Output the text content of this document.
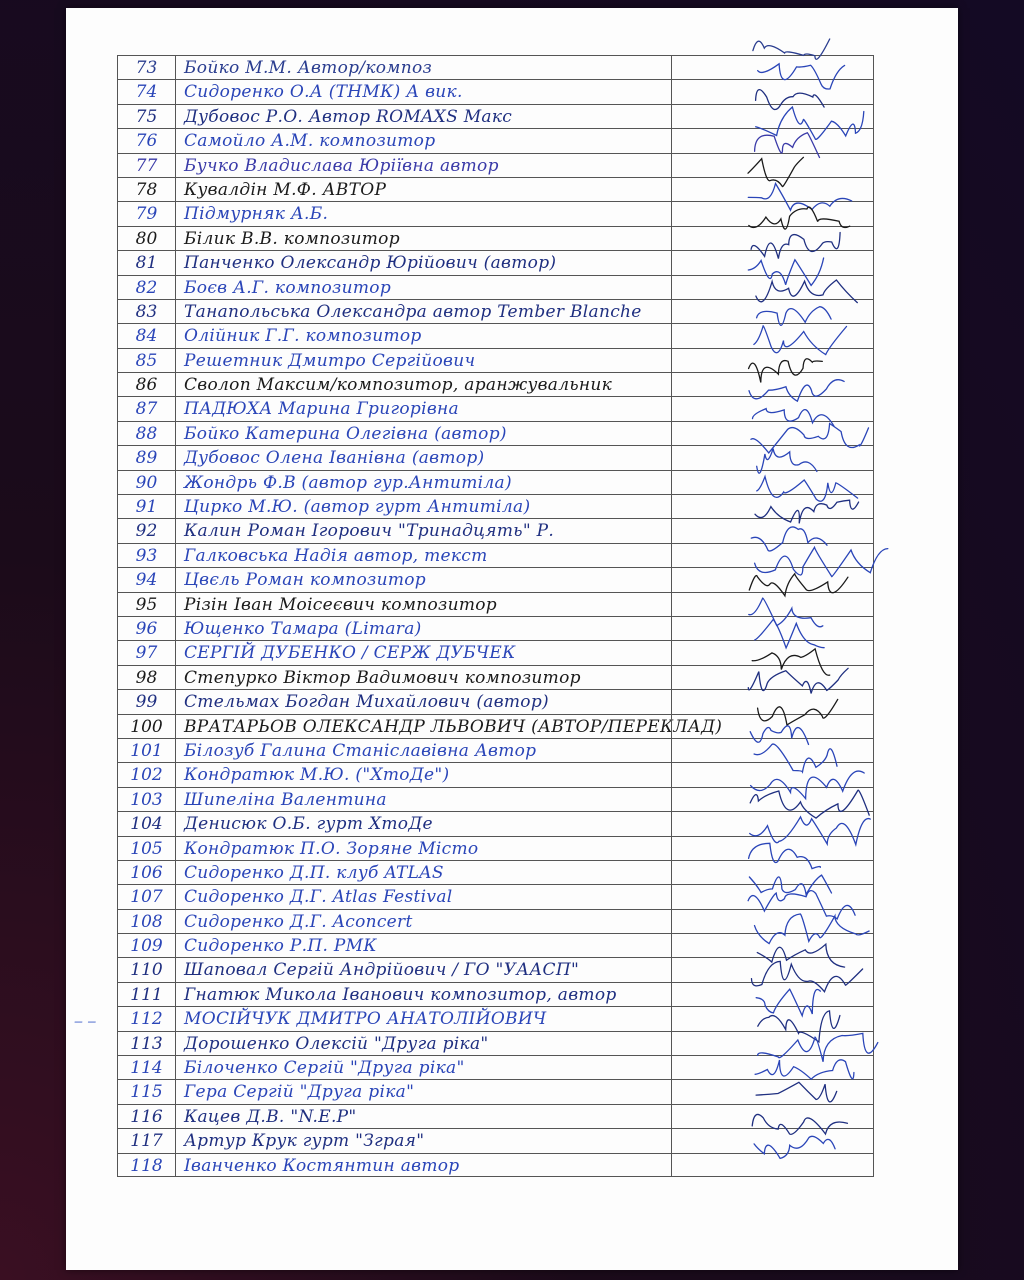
73	Бойко М.М. Автор/композ
74	Сидоренко О.А (ТНМК) А вик.
75	Дубовос Р.О. Автор ROMAXS Макс
76	Самойло А.М. композитор
77	Бучко Владислава Юріївна автор
78	Кувалдін М.Ф. АВТОР
79	Підмурняк А.Б.
80	Білик В.В. композитор
81	Панченко Олександр Юрійович (автор)
82	Боєв А.Г. композитор
83	Танапольська Олександра автор Tember Blanche
84	Олійник Г.Г. композитор
85	Решетник Дмитро Сергійович
86	Сволоп Максим/композитор, аранжувальник
87	ПАДЮХА Марина Григорівна
88	Бойко Катерина Олегівна (автор)
89	Дубовос Олена Іванівна (автор)
90	Жондрь Ф.В (автор гур.Антитіла)
91	Цирко М.Ю. (автор гурт Антитіла)
92	Калин Роман Ігорович "Тринадцять" Р.
93	Галковська Надія автор, текст
94	Цвєль Роман композитор
95	Різін Іван Моісеєвич композитор
96	Ющенко Тамара (Limara)
97	СЕРГІЙ ДУБЕНКО / СЕРЖ ДУБЧЕК
98	Степурко Віктор Вадимович композитор
99	Стельмах Богдан Михайлович (автор)
100	ВРАТАРЬОВ ОЛЕКСАНДР ЛЬВОВИЧ (АВТОР/ПЕРЕКЛАД)
101	Білозуб Галина Станіславівна Автор
102	Кондратюк М.Ю. ("ХтоДе")
103	Шипеліна Валентина
104	Денисюк О.Б. гурт ХтоДе
105	Кондратюк П.О. Зоряне Місто
106	Сидоренко Д.П. клуб ATLAS
107	Сидоренко Д.Г. Atlas Festival
108	Сидоренко Д.Г. Aconcert
109	Сидоренко Р.П. РМК
110	Шаповал Сергій Андрійович / ГО "УААСП"
111	Гнатюк Микола Іванович композитор, автор
112	МОСІЙЧУК ДМИТРО АНАТОЛІЙОВИЧ
113	Дорошенко Олексій "Друга ріка"
114	Білоченко Сергій "Друга ріка"
115	Гера Сергій "Друга ріка"
116	Кацев Д.В. "N.E.P"
117	Артур Крук гурт "Зграя"
118	Іванченко Костянтин автор
‒ ‒
